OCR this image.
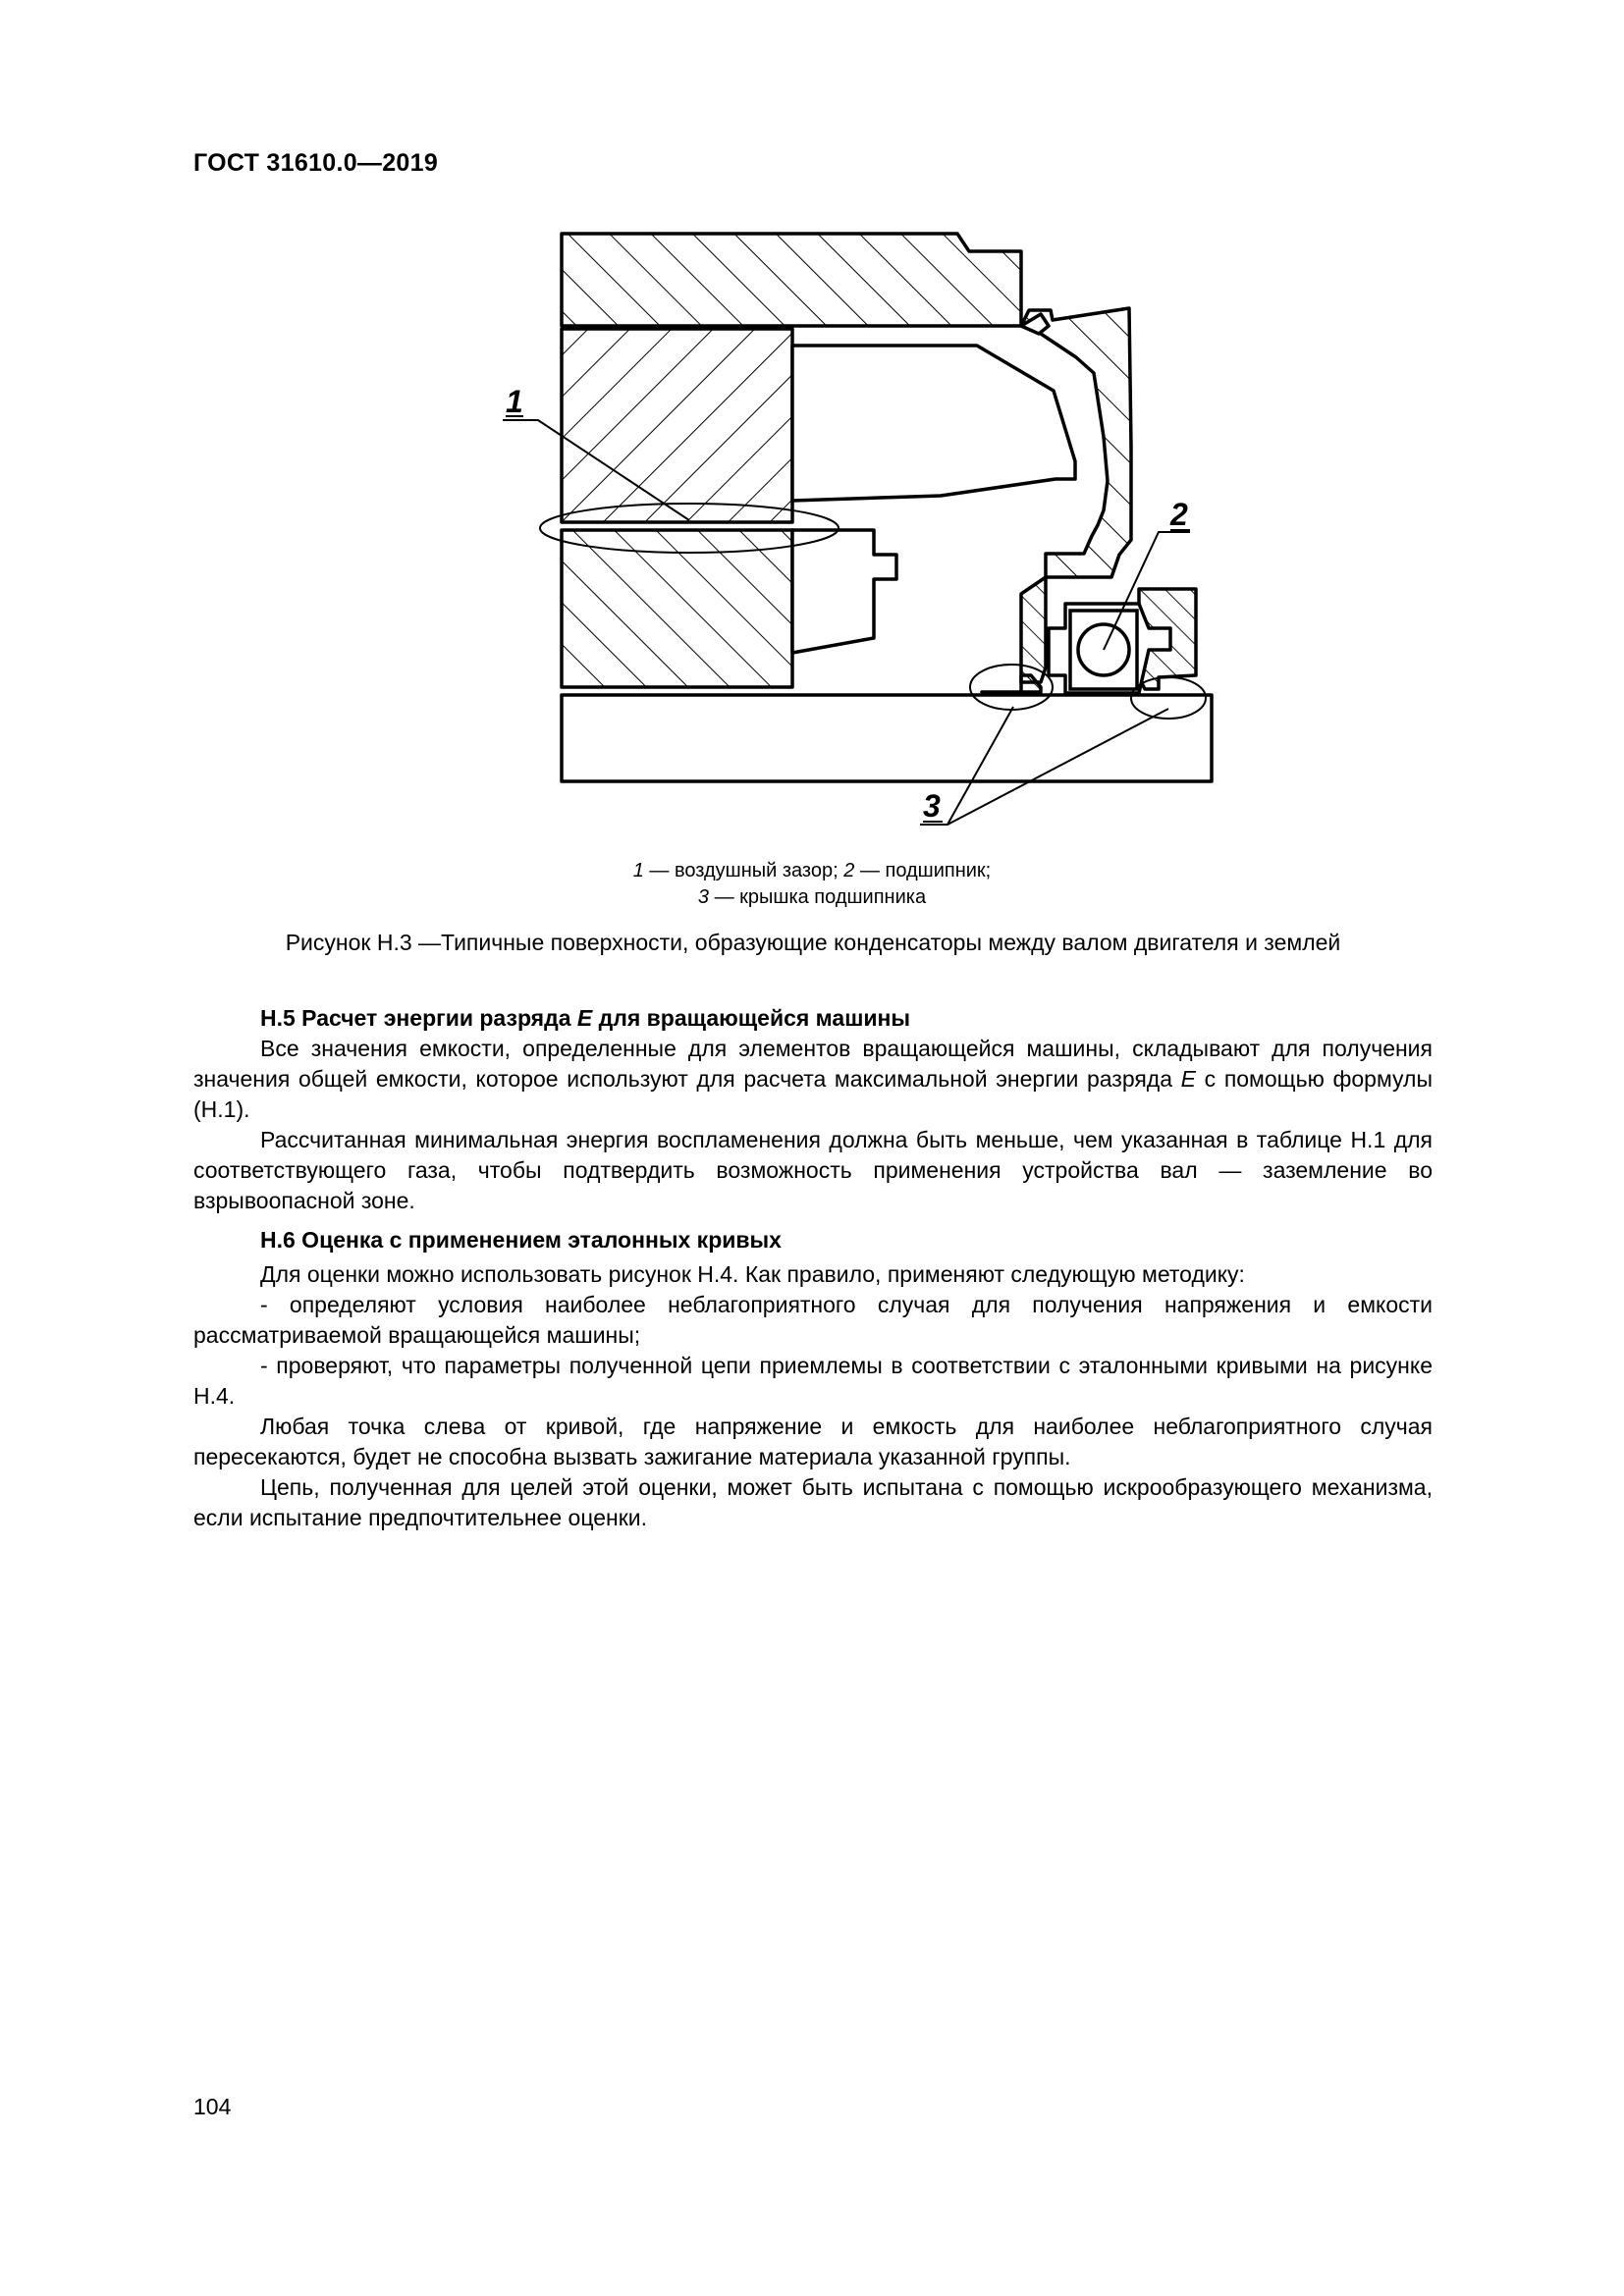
ГОСТ 31610.0—2019
1
2
3
1 — воздушный зазор; 2 — подшипник;
3 — крышка подшипника
Рисунок Н.3 —Типичные поверхности, образующие конденсаторы между валом двигателя и землей
Н.5 Расчет энергии разряда E для вращающейся машины

Все значения емкости, определенные для элементов вращающейся машины, складывают для получения значения общей емкости, которое используют для расчета максимальной энергии разряда E с помощью формулы (Н.1).

Рассчитанная минимальная энергия воспламенения должна быть меньше, чем указанная в таблице Н.1 для соответствующего газа, чтобы подтвердить возможность применения устройства вал — заземление во взрывоопасной зоне.

Н.6 Оценка с применением эталонных кривых

Для оценки можно использовать рисунок Н.4. Как правило, применяют следующую методику:

- определяют условия наиболее неблагоприятного случая для получения напряжения и емкости рассматриваемой вращающейся машины;

- проверяют, что параметры полученной цепи приемлемы в соответствии с эталонными кривыми на рисунке Н.4.

Любая точка слева от кривой, где напряжение и емкость для наиболее неблагоприятного случая пересекаются, будет не способна вызвать зажигание материала указанной группы.

Цепь, полученная для целей этой оценки, может быть испытана с помощью искрообразующего механизма, если испытание предпочтительнее оценки.

104
